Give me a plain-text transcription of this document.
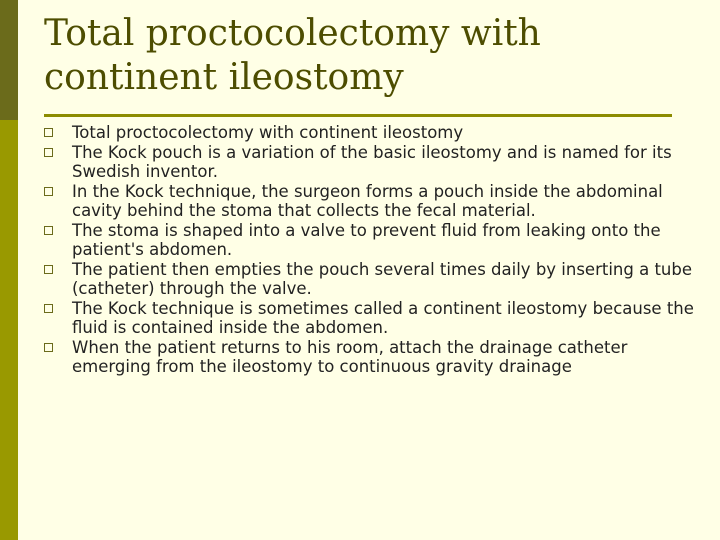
Total proctocolectomy with continent ileostomy
Total proctocolectomy with continent ileostomy
The Kock pouch is a variation of the basic ileostomy and is named for its Swedish inventor.
In the Kock technique, the surgeon forms a pouch inside the abdominal cavity behind the stoma that collects the fecal material.
The stoma is shaped into a valve to prevent fluid from leaking onto the patient's abdomen.
The patient then empties the pouch several times daily by inserting a tube (catheter) through the valve.
The Kock technique is sometimes called a continent ileostomy because the fluid is contained inside the abdomen.
When the patient returns to his room, attach the drainage catheter emerging from the ileostomy to continuous gravity drainage
